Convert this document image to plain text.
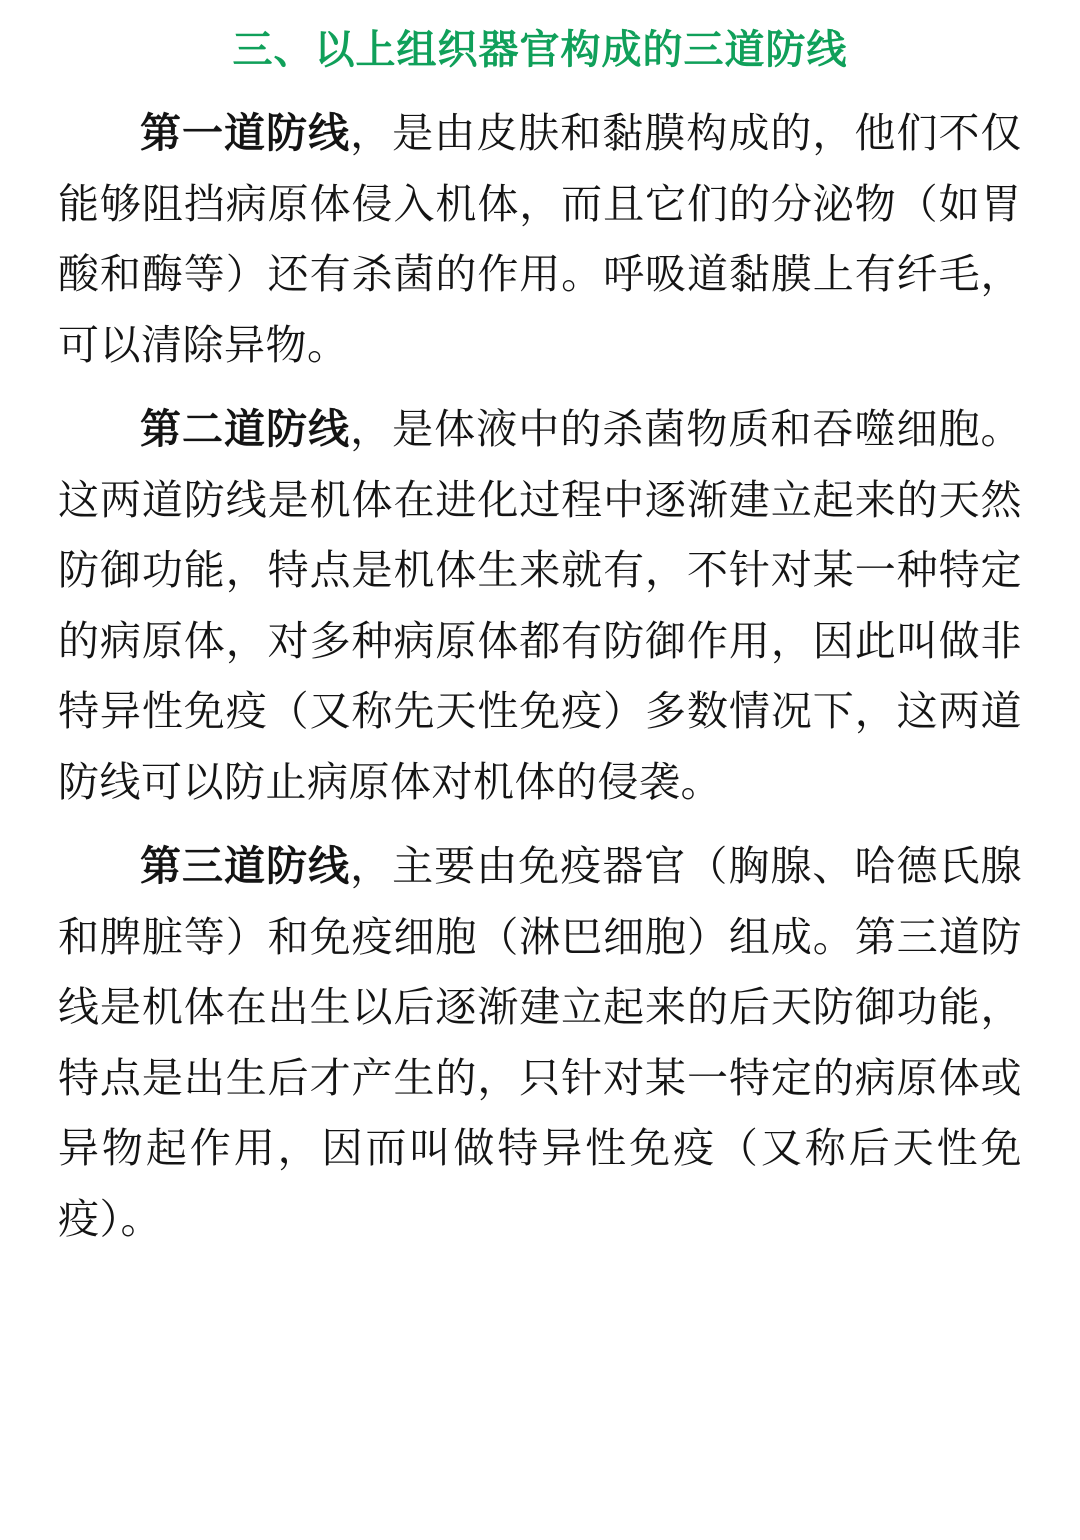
三、以上组织器官构成的三道防线

第一道防线，是由皮肤和黏膜构成的，他们不仅能够阻挡病原体侵入机体，而且它们的分泌物（如胃酸和酶等）还有杀菌的作用。呼吸道黏膜上有纤毛，可以清除异物。

第二道防线，是体液中的杀菌物质和吞噬细胞。这两道防线是机体在进化过程中逐渐建立起来的天然防御功能，特点是机体生来就有，不针对某一种特定的病原体，对多种病原体都有防御作用，因此叫做非特异性免疫（又称先天性免疫）多数情况下，这两道防线可以防止病原体对机体的侵袭。

第三道防线，主要由免疫器官（胸腺、哈德氏腺和脾脏等）和免疫细胞（淋巴细胞）组成。第三道防线是机体在出生以后逐渐建立起来的后天防御功能，特点是出生后才产生的，只针对某一特定的病原体或异物起作用，因而叫做特异性免疫（又称后天性免疫）。
